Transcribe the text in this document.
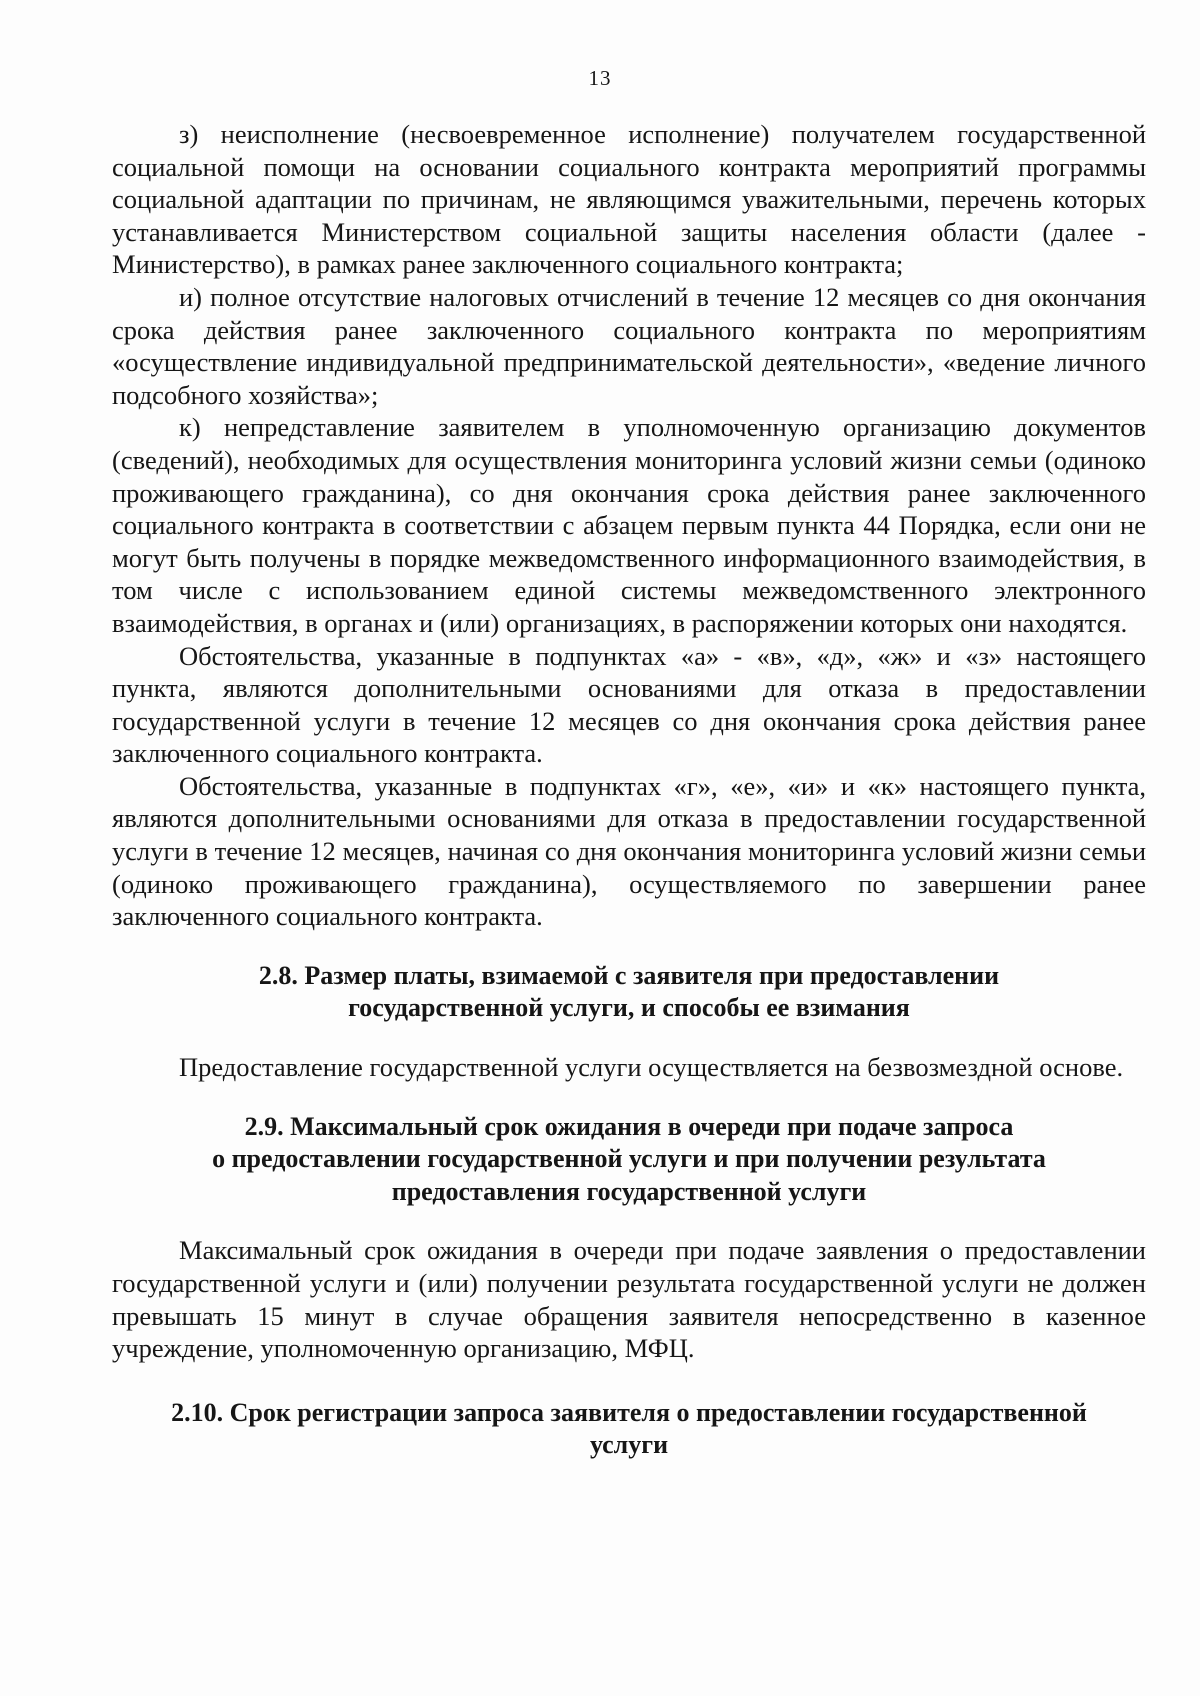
13

з) неисполнение (несвоевременное исполнение) получателем государственной социальной помощи на основании социального контракта мероприятий программы социальной адаптации по причинам, не являющимся уважительными, перечень которых устанавливается Министерством социальной защиты населения области (далее - Министерство), в рамках ранее заключенного социального контракта;

и) полное отсутствие налоговых отчислений в течение 12 месяцев со дня окончания срока действия ранее заключенного социального контракта по мероприятиям «осуществление индивидуальной предпринимательской деятельности», «ведение личного подсобного хозяйства»;

к) непредставление заявителем в уполномоченную организацию документов (сведений), необходимых для осуществления мониторинга условий жизни семьи (одиноко проживающего гражданина), со дня окончания срока действия ранее заключенного социального контракта в соответствии с абзацем первым пункта 44 Порядка, если они не могут быть получены в порядке межведомственного информационного взаимодействия, в том числе с использованием единой системы межведомственного электронного взаимодействия, в органах и (или) организациях, в распоряжении которых они находятся.

Обстоятельства, указанные в подпунктах «а» - «в», «д», «ж» и «з» настоящего пункта, являются дополнительными основаниями для отказа в предоставлении государственной услуги в течение 12 месяцев со дня окончания срока действия ранее заключенного социального контракта.

Обстоятельства, указанные в подпунктах «г», «е», «и» и «к» настоящего пункта, являются дополнительными основаниями для отказа в предоставлении государственной услуги в течение 12 месяцев, начиная со дня окончания мониторинга условий жизни семьи (одиноко проживающего гражданина), осуществляемого по завершении ранее заключенного социального контракта.

2.8. Размер платы, взимаемой с заявителя при предоставлении
государственной услуги, и способы ее взимания

Предоставление государственной услуги осуществляется на безвозмездной основе.

2.9. Максимальный срок ожидания в очереди при подаче запроса
о предоставлении государственной услуги и при получении результата
предоставления государственной услуги

Максимальный срок ожидания в очереди при подаче заявления о предоставлении государственной услуги и (или) получении результата государственной услуги не должен превышать 15 минут в случае обращения заявителя непосредственно в казенное учреждение, уполномоченную организацию, МФЦ.

2.10. Срок регистрации запроса заявителя о предоставлении государственной
услуги
